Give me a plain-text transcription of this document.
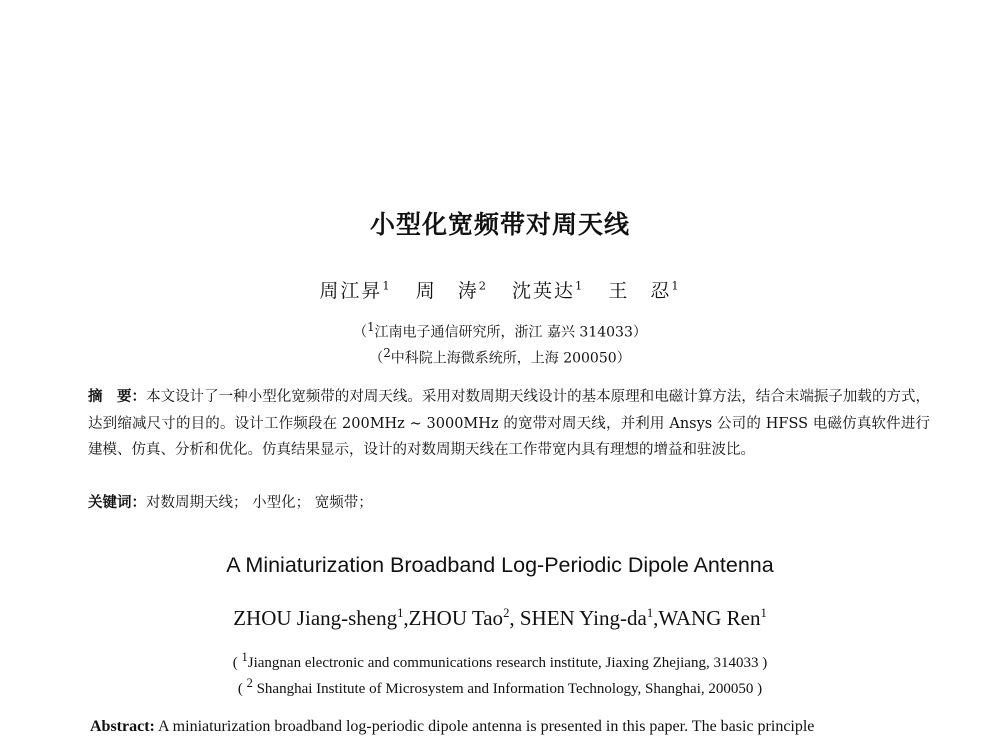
小型化宽频带对周天线
周江昇$^1$ 周　涛$^2$ 沈英达$^1$ 王　忍$^1$
（$^1$江南电子通信研究所，浙江 嘉兴 314033）
（$^2$中科院上海微系统所，上海 200050）
摘　要：本文设计了一种小型化宽频带的对周天线。采用对数周期天线设计的基本原理和电磁计算方法，结合末端振子加载的方式，达到缩减尺寸的目的。设计工作频段在 200MHz ~ 3000MHz 的宽带对周天线，并利用 Ansys 公司的 HFSS 电磁仿真软件进行建模、仿真、分析和优化。仿真结果显示，设计的对数周期天线在工作带宽内具有理想的增益和驻波比。
关键词：对数周期天线； 小型化； 宽频带；
A Miniaturization Broadband Log-Periodic Dipole Antenna
ZHOU Jiang-sheng$^1$,ZHOU Tao$^2$, SHEN Ying-$da^1,WANG$ Ren$^1$
( $^1$Jiangnan electronic and communications research institute, Jiaxing Zhejiang, 314033 )
( $^2$ Shanghai Institute of Microsystem and Information Technology, Shanghai, 200050 )
Abstract: A miniaturization broadband log-periodic dipole antenna is presented in this paper. The basic principle
